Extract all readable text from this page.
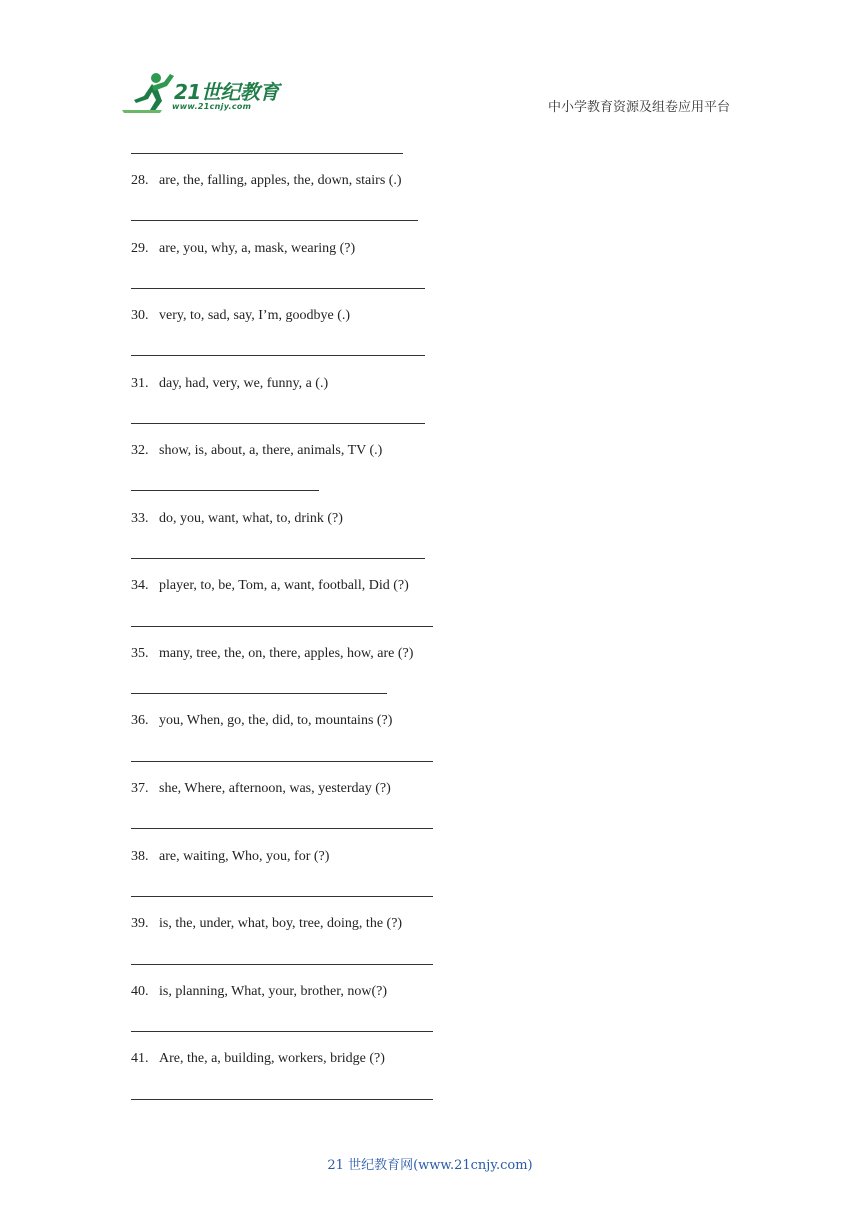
21世纪教育
www.21cnjy.com	中小学教育资源及组卷应用平台
28. are, the, falling, apples, the, down, stairs (.)
29. are, you, why, a, mask, wearing (?)
30. very, to, sad, say, I’m, goodbye (.)
31. day, had, very, we, funny, a (.)
32. show, is, about, a, there, animals, TV (.)
33. do, you, want, what, to, drink (?)
34. player, to, be, Tom, a, want, football, Did (?)
35. many, tree, the, on, there, apples, how, are (?)
36. you, When, go, the, did, to, mountains (?)
37. she, Where, afternoon, was, yesterday (?)
38. are, waiting, Who, you, for (?)
39. is, the, under, what, boy, tree, doing, the (?)
40. is, planning, What, your, brother, now(?)
41. Are, the, a, building, workers, bridge (?)
21 世纪教育网(www.21cnjy.com)
